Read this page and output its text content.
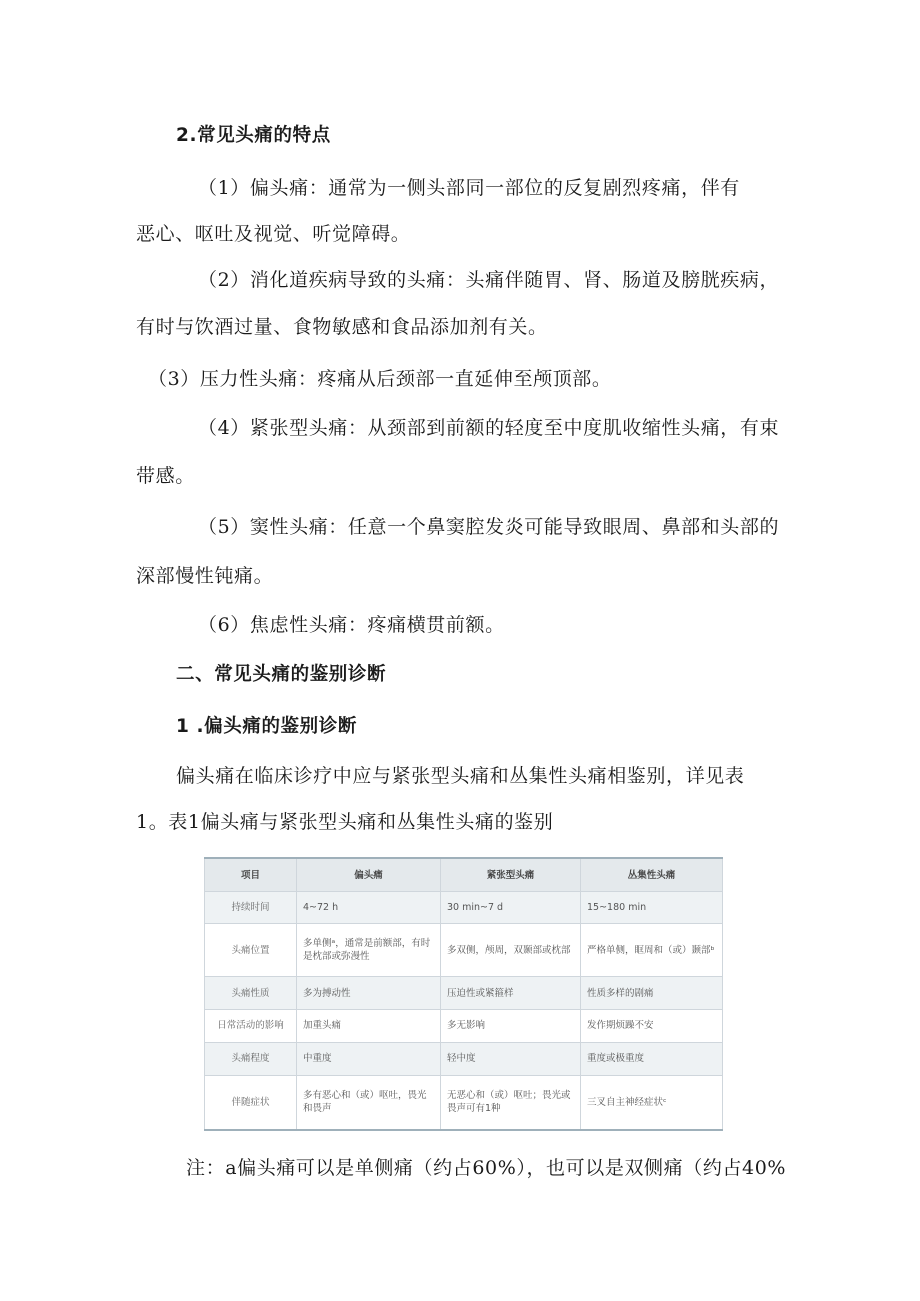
2.常见头痛的特点
（1）偏头痛：通常为一侧头部同一部位的反复剧烈疼痛，伴有
恶心、呕吐及视觉、听觉障碍。
（2）消化道疾病导致的头痛：头痛伴随胃、肾、肠道及膀胱疾病，
有时与饮酒过量、食物敏感和食品添加剂有关。
（3）压力性头痛：疼痛从后颈部一直延伸至颅顶部。
（4）紧张型头痛：从颈部到前额的轻度至中度肌收缩性头痛，有束
带感。
（5）窦性头痛：任意一个鼻窦腔发炎可能导致眼周、鼻部和头部的
深部慢性钝痛。
（6）焦虑性头痛：疼痛横贯前额。
二、常见头痛的鉴别诊断
1 .偏头痛的鉴别诊断
偏头痛在临床诊疗中应与紧张型头痛和丛集性头痛相鉴别，详见表
1。表1偏头痛与紧张型头痛和丛集性头痛的鉴别
项目	偏头痛	紧张型头痛	丛集性头痛
持续时间	4~72 h	30 min~7 d	15~180 min
头痛位置	多单侧ᵃ，通常是前额部，有时是枕部或弥漫性	多双侧，颅周，双颞部或枕部	严格单侧，眶周和（或）颞部ᵇ
头痛性质	多为搏动性	压迫性或紧箍样	性质多样的剧痛
日常活动的影响	加重头痛	多无影响	发作期烦躁不安
头痛程度	中重度	轻中度	重度或极重度
伴随症状	多有恶心和（或）呕吐，畏光和畏声	无恶心和（或）呕吐；畏光或畏声可有1种	三叉自主神经症状ᶜ
注：a偏头痛可以是单侧痛（约占60%），也可以是双侧痛（约占40%
